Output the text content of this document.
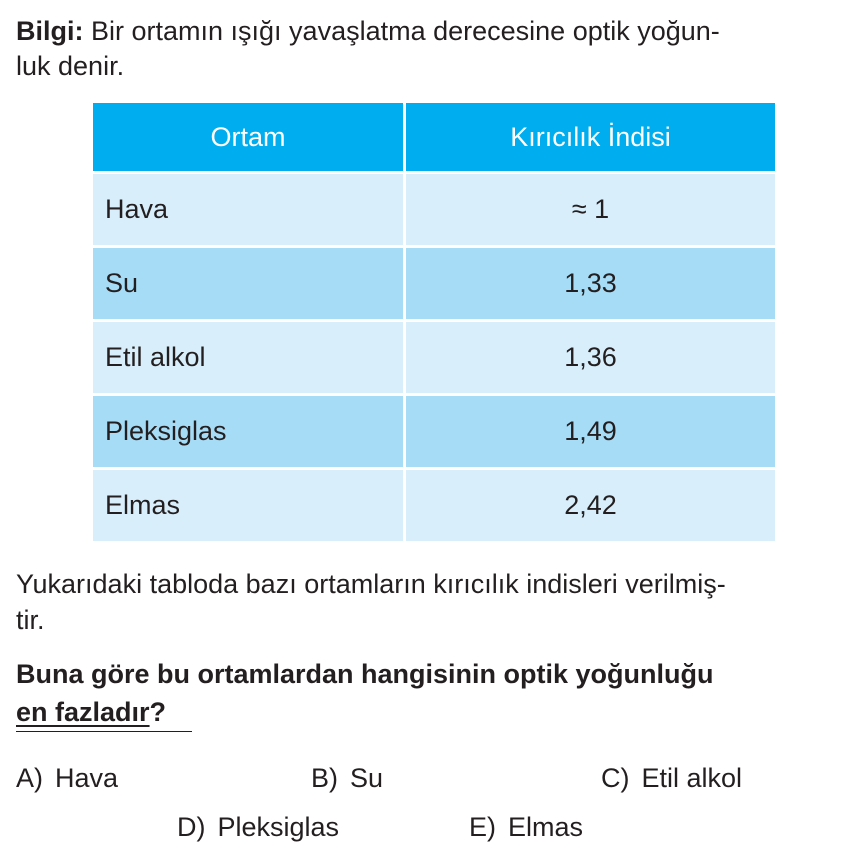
Bilgi: Bir ortamın ışığı yavaşlatma derecesine optik yoğun-
luk denir.
Ortam	Kırıcılık İndisi
Hava	≈ 1
Su	1,33
Etil alkol	1,36
Pleksiglas	1,49
Elmas	2,42
Yukarıdaki tabloda bazı ortamların kırıcılık indisleri verilmiş-
tir.
Buna göre bu ortamlardan hangisinin optik yoğunluğu
en fazladır?
A) Hava	B) Su	C) Etil alkol
D) Pleksiglas	E) Elmas
